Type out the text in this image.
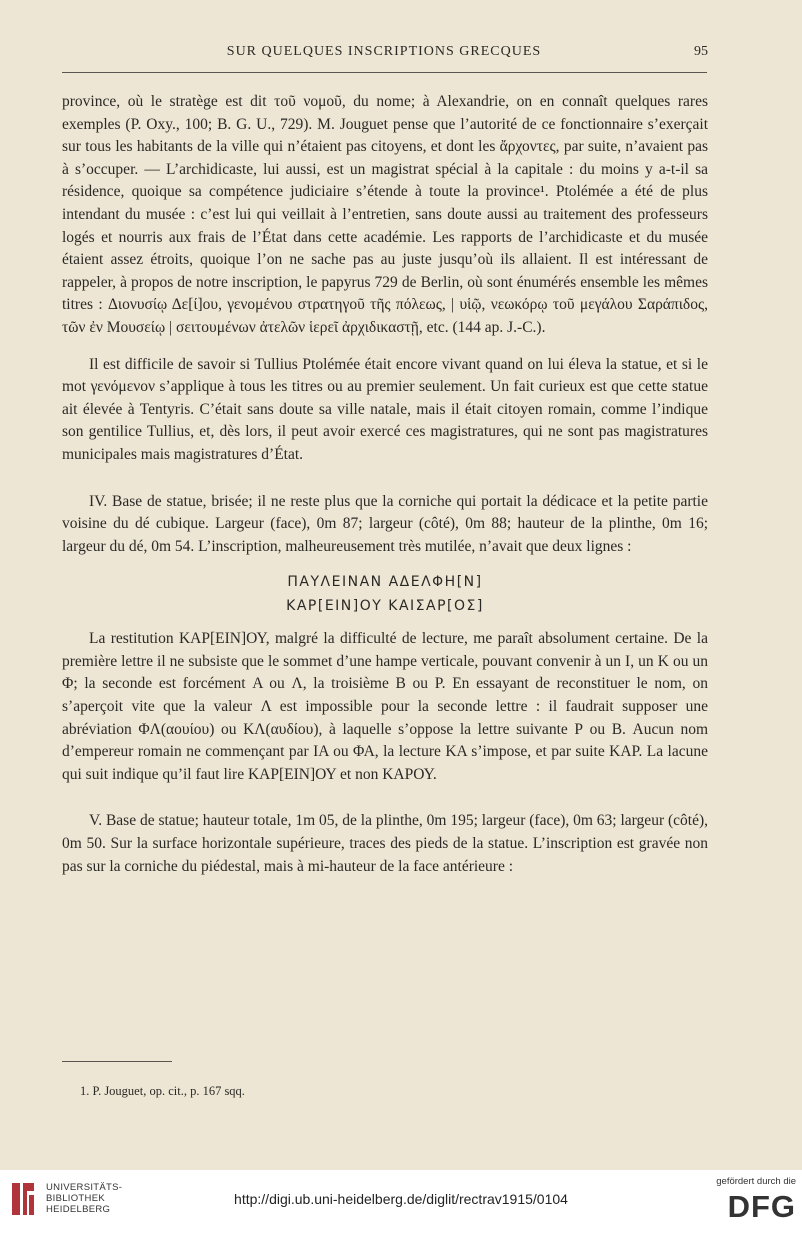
SUR QUELQUES INSCRIPTIONS GRECQUES	95

province, où le stratège est dit τοῦ νομοῦ, du nome; à Alexandrie, on en connaît quelques rares exemples (P. Oxy., 100; B. G. U., 729). M. Jouguet pense que l’autorité de ce fonctionnaire s’exerçait sur tous les habitants de la ville qui n’étaient pas citoyens, et dont les ἄρχοντες, par suite, n’avaient pas à s’occuper. — L’archidicaste, lui aussi, est un magistrat spécial à la capitale : du moins y a-t-il sa résidence, quoique sa compétence judiciaire s’étende à toute la province¹. Ptolémée a été de plus intendant du musée : c’est lui qui veillait à l’entretien, sans doute aussi au traitement des professeurs logés et nourris aux frais de l’État dans cette académie. Les rapports de l’archidicaste et du musée étaient assez étroits, quoique l’on ne sache pas au juste jusqu’où ils allaient. Il est intéressant de rappeler, à propos de notre inscription, le papyrus 729 de Berlin, où sont énumérés ensemble les mêmes titres : Διονυσίῳ Δε[ί]ου, γενομένου στρατηγοῦ τῆς πόλεως, | υἱῷ, νεωκόρῳ τοῦ μεγάλου Σαράπιδος, τῶν ἐν Μουσείῳ | σειτουμένων ἀτελῶν ἱερεῖ ἀρχιδικαστῇ, etc. (144 ap. J.-C.).

Il est difficile de savoir si Tullius Ptolémée était encore vivant quand on lui éleva la statue, et si le mot γενόμενον s’applique à tous les titres ou au premier seulement. Un fait curieux est que cette statue ait élevée à Tentyris. C’était sans doute sa ville natale, mais il était citoyen romain, comme l’indique son gentilice Tullius, et, dès lors, il peut avoir exercé ces magistratures, qui ne sont pas magistratures municipales mais magistratures d’État.

IV. Base de statue, brisée; il ne reste plus que la corniche qui portait la dédicace et la petite partie voisine du dé cubique. Largeur (face), 0m 87; largeur (côté), 0m 88; hauteur de la plinthe, 0m 16; largeur du dé, 0m 54. L’inscription, malheureusement très mutilée, n’avait que deux lignes :

ΠΑΥΛΕΙΝΑΝ ΑΔΕΛΦΗ[Ν]
ΚΑΡ[ΕΙΝ]ΟΥ ΚΑΙΣΑΡ[ΟΣ]

La restitution ΚΑΡ[ΕΙΝ]ΟΥ, malgré la difficulté de lecture, me paraît absolument certaine. De la première lettre il ne subsiste que le sommet d’une hampe verticale, pouvant convenir à un Ι, un Κ ou un Φ; la seconde est forcément Α ou Λ, la troisième Β ou Ρ. En essayant de reconstituer le nom, on s’aperçoit vite que la valeur Λ est impossible pour la seconde lettre : il faudrait supposer une abréviation ΦΛ(αουίου) ou ΚΛ(αυδίου), à laquelle s’oppose la lettre suivante Ρ ou Β. Aucun nom d’empereur romain ne commençant par ΙΑ ou ΦΑ, la lecture ΚΑ s’impose, et par suite ΚΑΡ. La lacune qui suit indique qu’il faut lire ΚΑΡ[ΕΙΝ]ΟΥ et non ΚΑΡΟΥ.

V. Base de statue; hauteur totale, 1m 05, de la plinthe, 0m 195; largeur (face), 0m 63; largeur (côté), 0m 50. Sur la surface horizontale supérieure, traces des pieds de la statue. L’inscription est gravée non pas sur la corniche du piédestal, mais à mi-hauteur de la face antérieure :

1. P. Jouguet, op. cit., p. 167 sqq.
UNIVERSITÄTS-
BIBLIOTHEK
HEIDELBERG
http://digi.ub.uni-heidelberg.de/diglit/rectrav1915/0104
gefördert durch die
DFG
